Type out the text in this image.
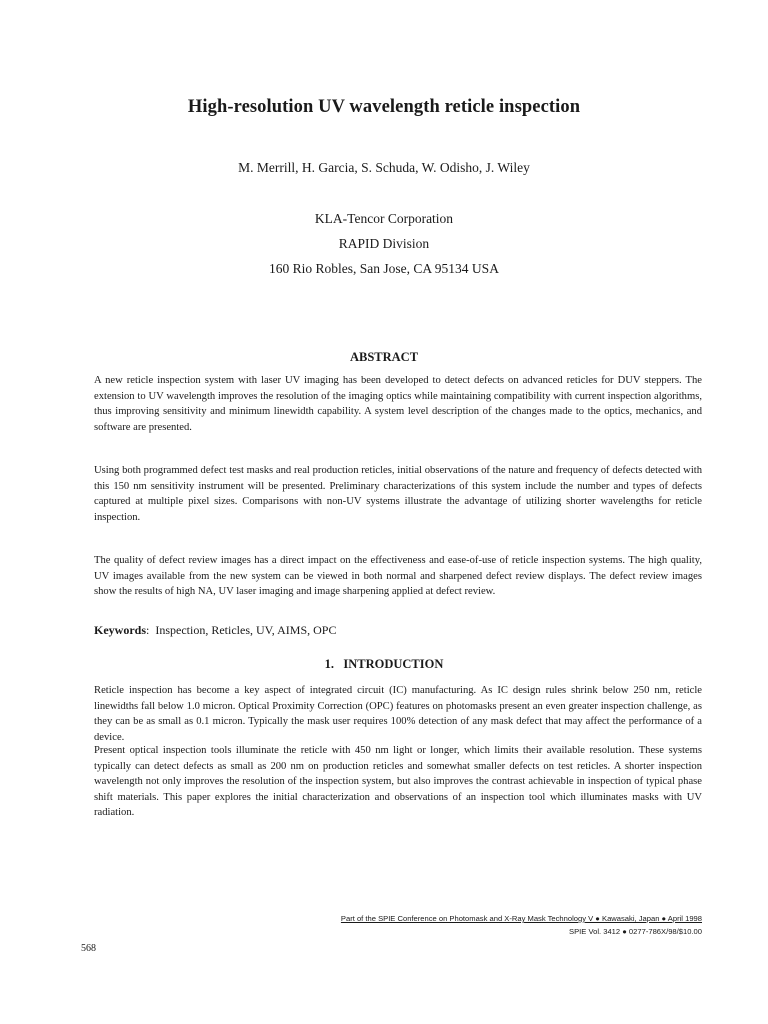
High-resolution UV wavelength reticle inspection
M. Merrill, H. Garcia, S. Schuda, W. Odisho, J. Wiley
KLA-Tencor Corporation
RAPID Division
160 Rio Robles, San Jose, CA 95134 USA
ABSTRACT

A new reticle inspection system with laser UV imaging has been developed to detect defects on advanced reticles for DUV steppers. The extension to UV wavelength improves the resolution of the imaging optics while maintaining compatibility with current inspection algorithms, thus improving sensitivity and minimum linewidth capability. A system level description of the changes made to the optics, mechanics, and software are presented.

Using both programmed defect test masks and real production reticles, initial observations of the nature and frequency of defects detected with this 150 nm sensitivity instrument will be presented. Preliminary characterizations of this system include the number and types of defects captured at multiple pixel sizes. Comparisons with non-UV systems illustrate the advantage of utilizing shorter wavelengths for reticle inspection.

The quality of defect review images has a direct impact on the effectiveness and ease-of-use of reticle inspection systems. The high quality, UV images available from the new system can be viewed in both normal and sharpened defect review displays. The defect review images show the results of high NA, UV laser imaging and image sharpening applied at defect review.

Keywords:  Inspection, Reticles, UV, AIMS, OPC
1.   INTRODUCTION

Reticle inspection has become a key aspect of integrated circuit (IC) manufacturing. As IC design rules shrink below 250 nm, reticle linewidths fall below 1.0 micron. Optical Proximity Correction (OPC) features on photomasks present an even greater inspection challenge, as they can be as small as 0.1 micron. Typically the mask user requires 100% detection of any mask defect that may affect the performance of a device.

Present optical inspection tools illuminate the reticle with 450 nm light or longer, which limits their available resolution. These systems typically can detect defects as small as 200 nm on production reticles and somewhat smaller defects on test reticles. A shorter inspection wavelength not only improves the resolution of the inspection system, but also improves the contrast achievable in inspection of typical phase shift materials. This paper explores the initial characterization and observations of an inspection tool which illuminates masks with UV radiation.

Part of the SPIE Conference on Photomask and X-Ray Mask Technology V ● Kawasaki, Japan ● April 1998
SPIE Vol. 3412 ● 0277-786X/98/$10.00
568
